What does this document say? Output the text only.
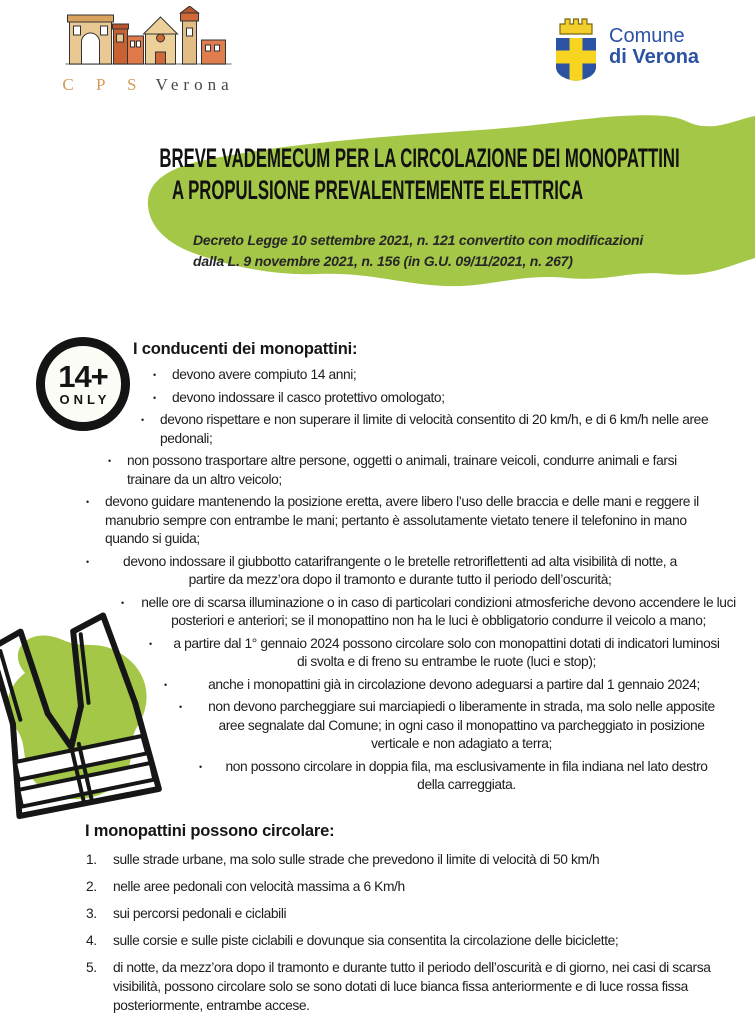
C P S Verona
Comune
di Verona
BREVE VADEMECUM PER LA CIRCOLAZIONE DEI MONOPATTINI
A PROPULSIONE PREVALENTEMENTE ELETTRICA
Decreto Legge 10 settembre 2021, n. 121 convertito con modificazioni
dalla L. 9 novembre 2021, n. 156 (in G.U. 09/11/2021, n. 267)
14+
ONLY
I conducenti dei monopattini:
• devono avere compiuto 14 anni;
• devono indossare il casco protettivo omologato;
• devono rispettare e non superare il limite di velocità consentito di 20 km/h, e di 6 km/h nelle aree pedonali;
• non possono trasportare altre persone, oggetti o animali, trainare veicoli, condurre animali e farsi trainare da un altro veicolo;
• devono guidare mantenendo la posizione eretta, avere libero l’uso delle braccia e delle mani e reggere il manubrio sempre con entrambe le mani; pertanto è assolutamente vietato tenere il telefonino in mano quando si guida;
• devono indossare il giubbotto catarifrangente o le bretelle retroriflettenti ad alta visibilità di notte, a partire da mezz’ora dopo il tramonto e durante tutto il periodo dell’oscurità;
• nelle ore di scarsa illuminazione o in caso di particolari condizioni atmosferiche devono accendere le luci posteriori e anteriori; se il monopattino non ha le luci è obbligatorio condurre il veicolo a mano;
• a partire dal 1° gennaio 2024 possono circolare solo con monopattini dotati di indicatori luminosi di svolta e di freno su entrambe le ruote (luci e stop);
•	anche i monopattini già in circolazione devono adeguarsi a partire dal 1 gennaio 2024;
• non devono parcheggiare sui marciapiedi o liberamente in strada, ma solo nelle apposite aree segnalate dal Comune; in ogni caso il monopattino va parcheggiato in posizione verticale e non adagiato a terra;
• non possono circolare in doppia fila, ma esclusivamente in fila indiana nel lato destro della carreggiata.
I monopattini possono circolare:
1.	sulle strade urbane, ma solo sulle strade che prevedono il limite di velocità di 50 km/h
2.	nelle aree pedonali con velocità massima a 6 Km/h
3.	sui percorsi pedonali e ciclabili
4.	sulle corsie e sulle piste ciclabili e dovunque sia consentita la circolazione delle biciclette;
5.	di notte, da mezz’ora dopo il tramonto e durante tutto il periodo dell’oscurità e di giorno, nei casi di scarsa visibilità, possono circolare solo se sono dotati di luce bianca fissa anteriormente e di luce rossa fissa posteriormente, entrambe accese.
